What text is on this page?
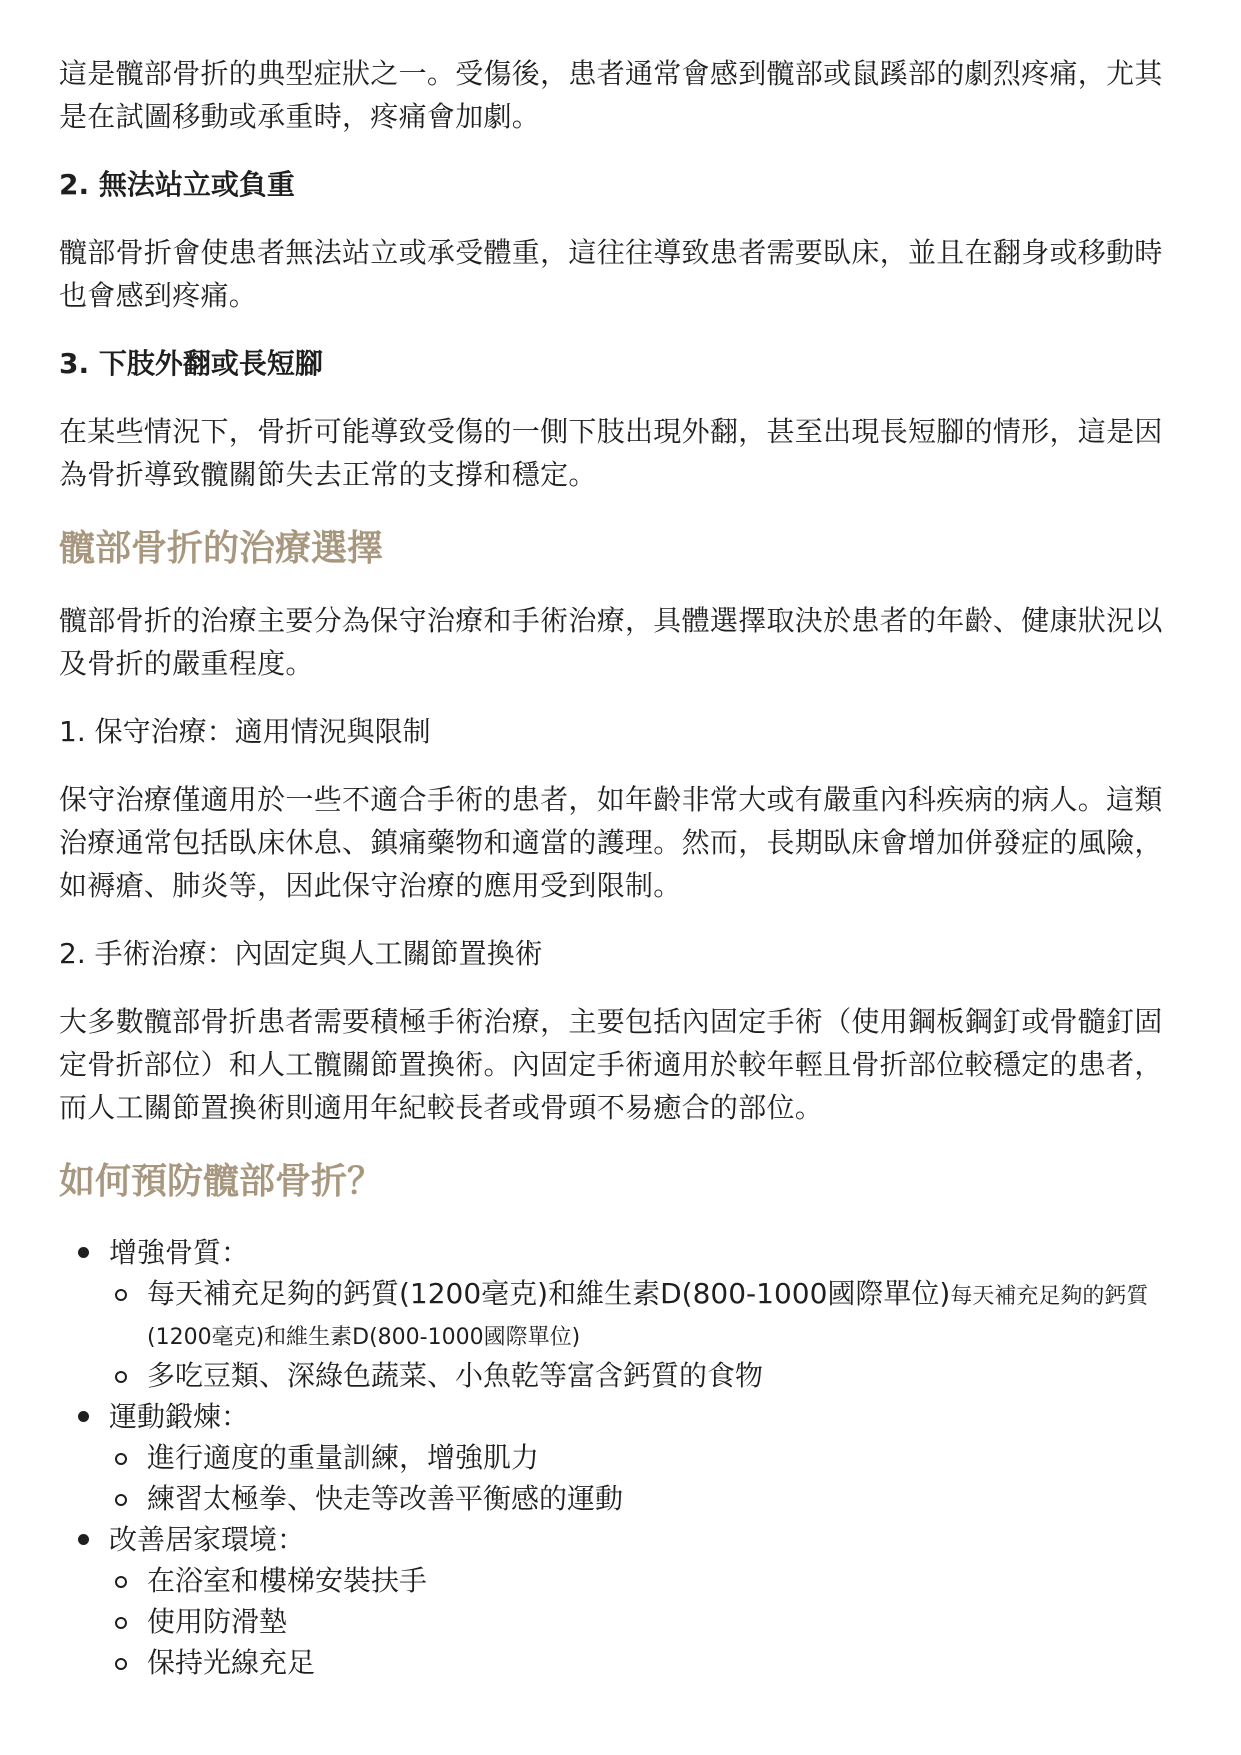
這是髖部骨折的典型症狀之一。受傷後，患者通常會感到髖部或鼠蹊部的劇烈疼痛，尤其是在試圖移動或承重時，疼痛會加劇。

2. 無法站立或負重

髖部骨折會使患者無法站立或承受體重，這往往導致患者需要臥床，並且在翻身或移動時也會感到疼痛。

3. 下肢外翻或長短腳

在某些情況下，骨折可能導致受傷的一側下肢出現外翻，甚至出現長短腳的情形，這是因為骨折導致髖關節失去正常的支撐和穩定。

髖部骨折的治療選擇

髖部骨折的治療主要分為保守治療和手術治療，具體選擇取決於患者的年齡、健康狀況以及骨折的嚴重程度。

1. 保守治療：適用情況與限制

保守治療僅適用於一些不適合手術的患者，如年齡非常大或有嚴重內科疾病的病人。這類治療通常包括臥床休息、鎮痛藥物和適當的護理。然而，長期臥床會增加併發症的風險，如褥瘡、肺炎等，因此保守治療的應用受到限制。

2. 手術治療：內固定與人工關節置換術

大多數髖部骨折患者需要積極手術治療，主要包括內固定手術（使用鋼板鋼釘或骨髓釘固定骨折部位）和人工髖關節置換術。內固定手術適用於較年輕且骨折部位較穩定的患者，而人工關節置換術則適用年紀較長者或骨頭不易癒合的部位。

如何預防髖部骨折？
增強骨質：
每天補充足夠的鈣質(1200毫克)和維生素D(800-1000國際單位)每天補充足夠的鈣質(1200毫克)和維生素D(800-1000國際單位)
多吃豆類、深綠色蔬菜、小魚乾等富含鈣質的食物
運動鍛煉：
進行適度的重量訓練，增強肌力
練習太極拳、快走等改善平衡感的運動
改善居家環境：
在浴室和樓梯安裝扶手
使用防滑墊
保持光線充足
